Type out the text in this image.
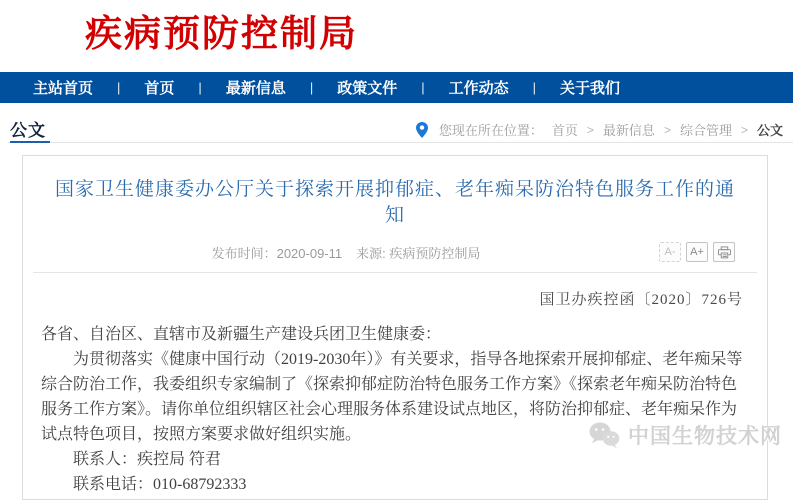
疾病预防控制局
主站首页 | 首页 | 最新信息 | 政策文件 | 工作动态 | 关于我们
公文	您现在所在位置： 首页 > 最新信息 > 综合管理 > 公文
国家卫生健康委办公厅关于探索开展抑郁症、老年痴呆防治特色服务工作的通知
发布时间：2020-09-11 来源: 疾病预防控制局	A-	A+
国卫办疾控函〔2020〕726号

各省、自治区、直辖市及新疆生产建设兵团卫生健康委：

为贯彻落实《健康中国行动（2019-2030年）》有关要求，指导各地探索开展抑郁症、老年痴呆等综合防治工作，我委组织专家编制了《探索抑郁症防治特色服务工作方案》《探索老年痴呆防治特色服务工作方案》。请你单位组织辖区社会心理服务体系建设试点地区，将防治抑郁症、老年痴呆作为试点特色项目，按照方案要求做好组织实施。

联系人：疾控局 符君

联系电话：010-68792333

中国生物技术网
